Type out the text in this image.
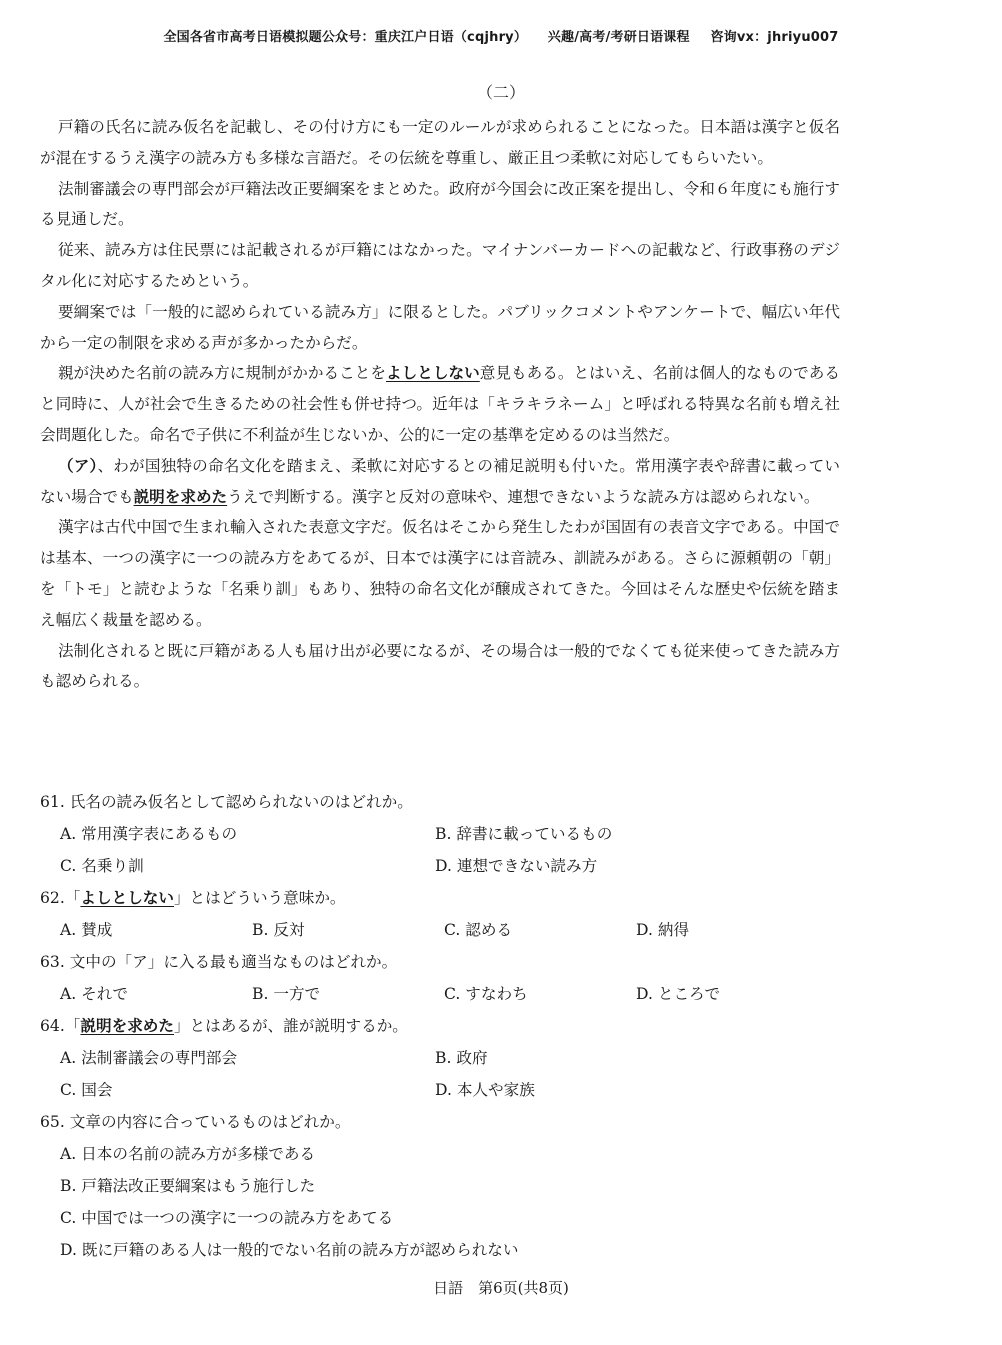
全国各省市高考日语模拟题公众号：重庆江户日语（cqjhry） 兴趣/高考/考研日语课程 咨询vx：jhriyu007
（二）

戸籍の氏名に読み仮名を記載し、その付け方にも一定のルールが求められることになった。日本語は漢字と仮名が混在するうえ漢字の読み方も多様な言語だ。その伝統を尊重し、厳正且つ柔軟に対応してもらいたい。

法制審議会の専門部会が戸籍法改正要綱案をまとめた。政府が今国会に改正案を提出し、令和６年度にも施行する見通しだ。

従来、読み方は住民票には記載されるが戸籍にはなかった。マイナンバーカードへの記載など、行政事務のデジタル化に対応するためという。

要綱案では「一般的に認められている読み方」に限るとした。パブリックコメントやアンケートで、幅広い年代から一定の制限を求める声が多かったからだ。

親が決めた名前の読み方に規制がかかることをよしとしない意見もある。とはいえ、名前は個人的なものであると同時に、人が社会で生きるための社会性も併せ持つ。近年は「キラキラネーム」と呼ばれる特異な名前も増え社会問題化した。命名で子供に不利益が生じないか、公的に一定の基準を定めるのは当然だ。

（ア）、わが国独特の命名文化を踏まえ、柔軟に対応するとの補足説明も付いた。常用漢字表や辞書に載っていない場合でも説明を求めたうえで判断する。漢字と反対の意味や、連想できないような読み方は認められない。

漢字は古代中国で生まれ輸入された表意文字だ。仮名はそこから発生したわが国固有の表音文字である。中国では基本、一つの漢字に一つの読み方をあてるが、日本では漢字には音読み、訓読みがある。さらに源頼朝の「朝」を「トモ」と読むような「名乗り訓」もあり、独特の命名文化が醸成されてきた。今回はそんな歴史や伝統を踏まえ幅広く裁量を認める。

法制化されると既に戸籍がある人も届け出が必要になるが、その場合は一般的でなくても従来使ってきた読み方も認められる。

61. 氏名の読み仮名として認められないのはどれか。
A. 常用漢字表にあるもの	B. 辞書に載っているもの
C. 名乗り訓	D. 連想できない読み方
62.「よしとしない」とはどういう意味か。
A. 賛成	B. 反対	C. 認める	D. 納得
63. 文中の「ア」に入る最も適当なものはどれか。
A. それで	B. 一方で	C. すなわち	D. ところで
64.「説明を求めた」とはあるが、誰が説明するか。
A. 法制審議会の専門部会	B. 政府
C. 国会	D. 本人や家族
65. 文章の内容に合っているものはどれか。
A. 日本の名前の読み方が多様である
B. 戸籍法改正要綱案はもう施行した
C. 中国では一つの漢字に一つの読み方をあてる
D. 既に戸籍のある人は一般的でない名前の読み方が認められない
日語　第6页(共8页)
